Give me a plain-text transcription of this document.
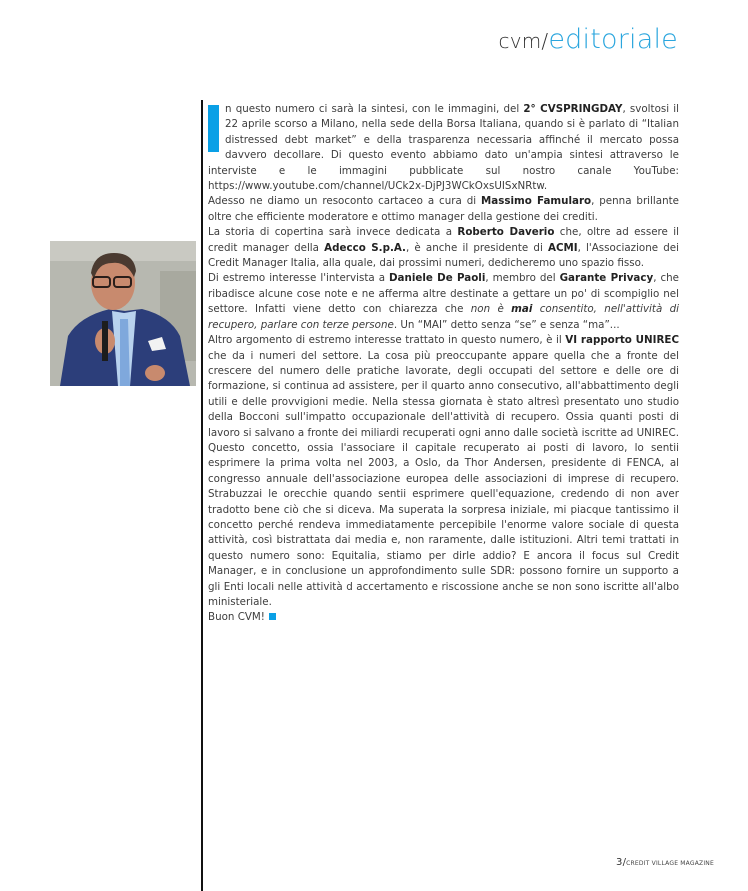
cvm/editoriale

n questo numero ci sarà la sintesi, con le immagini, del 2° CVSPRINGDAY, svoltosi il 22 aprile scorso a Milano, nella sede della Borsa Italiana, quando si è parlato di “Italian distressed debt market” e della trasparenza necessaria affinché il mercato possa davvero decollare. Di questo evento abbiamo dato un'ampia sintesi attraverso le interviste e le immagini pubblicate sul nostro canale YouTube: https://www.youtube.com/channel/UCk2x-DjPJ3WCkOxsUISxNRtw.

Adesso ne diamo un resoconto cartaceo a cura di Massimo Famularo, penna brillante oltre che efficiente moderatore e ottimo manager della gestione dei crediti.

La storia di copertina sarà invece dedicata a Roberto Daverio che, oltre ad essere il credit manager della Adecco S.p.A., è anche il presidente di ACMI, l'Associazione dei Credit Manager Italia, alla quale, dai prossimi numeri, dedicheremo uno spazio fisso.

Di estremo interesse l'intervista a Daniele De Paoli, membro del Garante Privacy, che ribadisce alcune cose note e ne afferma altre destinate a gettare un po' di scompiglio nel settore. Infatti viene detto con chiarezza che non è mai consentito, nell'attività di recupero, parlare con terze persone. Un “MAI” detto senza “se” e senza “ma”...

Altro argomento di estremo interesse trattato in questo numero, è il VI rapporto UNIREC che da i numeri del settore. La cosa più preoccupante appare quella che a fronte del crescere del numero delle pratiche lavorate, degli occupati del settore e delle ore di formazione, si continua ad assistere, per il quarto anno consecutivo, all'abbattimento degli utili e delle provvigioni medie. Nella stessa giornata è stato altresì presentato uno studio della Bocconi sull'impatto occupazionale dell'attività di recupero. Ossia quanti posti di lavoro si salvano a fronte dei miliardi recuperati ogni anno dalle società iscritte ad UNIREC. Questo concetto, ossia l'associare il capitale recuperato ai posti di lavoro, lo sentii esprimere la prima volta nel 2003, a Oslo, da Thor Andersen, presidente di FENCA, al congresso annuale dell'associazione europea delle associazioni di imprese di recupero. Strabuzzai le orecchie quando sentii esprimere quell'equazione, credendo di non aver tradotto bene ciò che si diceva. Ma superata la sorpresa iniziale, mi piacque tantissimo il concetto perché rendeva immediatamente percepibile l'enorme valore sociale di questa attività, così bistrattata dai media e, non raramente, dalle istituzioni. Altri temi trattati in questo numero sono: Equitalia, stiamo per dirle addio? E ancora il focus sul Credit Manager, e in conclusione un approfondimento sulle SDR: possono fornire un supporto a gli Enti locali nelle attività d accertamento e riscossione anche se non sono iscritte all'albo ministeriale.

Buon CVM!

3/CREDIT VILLAGE MAGAZINE
